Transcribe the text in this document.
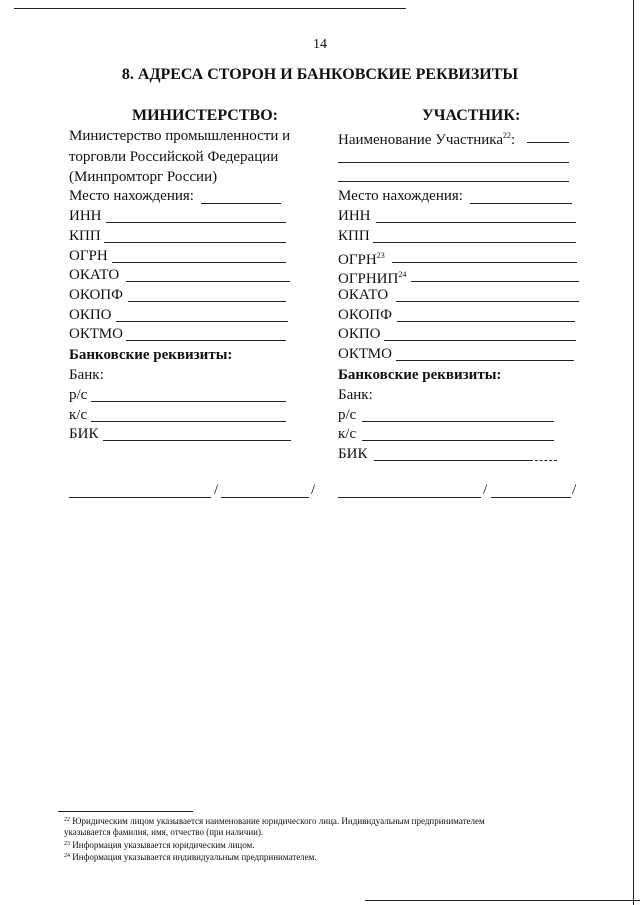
14
8. АДРЕСА СТОРОН И БАНКОВСКИЕ РЕКВИЗИТЫ
МИНИСТЕРСТВО:
Министерство промышленности и
торговли Российской Федерации
(Минпромторг России)
Место нахождения:
ИНН
КПП
ОГРН
ОКАТО
ОКОПФ
ОКПО
ОКТМО
Банковские реквизиты:
Банк:
р/с
к/с
БИК
/	/
УЧАСТНИК:
Наименование Участника$^{22}$:
Место нахождения:
ИНН
КПП
ОГРН$^{23}$
ОГРНИП$^{24}$
ОКАТО
ОКОПФ
ОКПО
ОКТМО
Банковские реквизиты:
Банк:
р/с
к/с
БИК
/	/
$^{22}$ Юридическим лицом указывается наименование юридического лица. Индивидуальным предпринимателем
указывается фамилия, имя, отчество (при наличии).
$^{23}$ Информация указывается юридическим лицом.
$^{24}$ Информация указывается индивидуальным предпринимателем.
